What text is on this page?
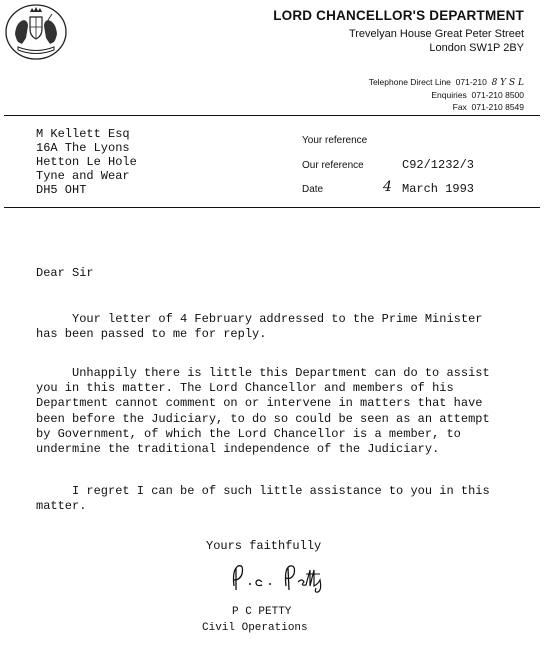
LORD CHANCELLOR'S DEPARTMENT
Trevelyan House Great Peter Street
London SW1P 2BY
Telephone Direct Line 071-210 8 Y S L
Enquiries 071-210 8500
Fax 071-210 8549
M Kellett Esq
16A The Lyons
Hetton Le Hole
Tyne and Wear
DH5 OHT
Your reference
Our reference	C92/1232/3
Date	4 March 1993
Dear Sir

Your letter of 4 February addressed to the Prime Minister has been passed to me for reply.

Unhappily there is little this Department can do to assist you in this matter. The Lord Chancellor and members of his Department cannot comment on or intervene in matters that have been before the Judiciary, to do so could be seen as an attempt by Government, of which the Lord Chancellor is a member, to undermine the traditional independence of the Judiciary.

I regret I can be of such little assistance to you in this matter.

Yours faithfully
P C PETTY
Civil Operations
